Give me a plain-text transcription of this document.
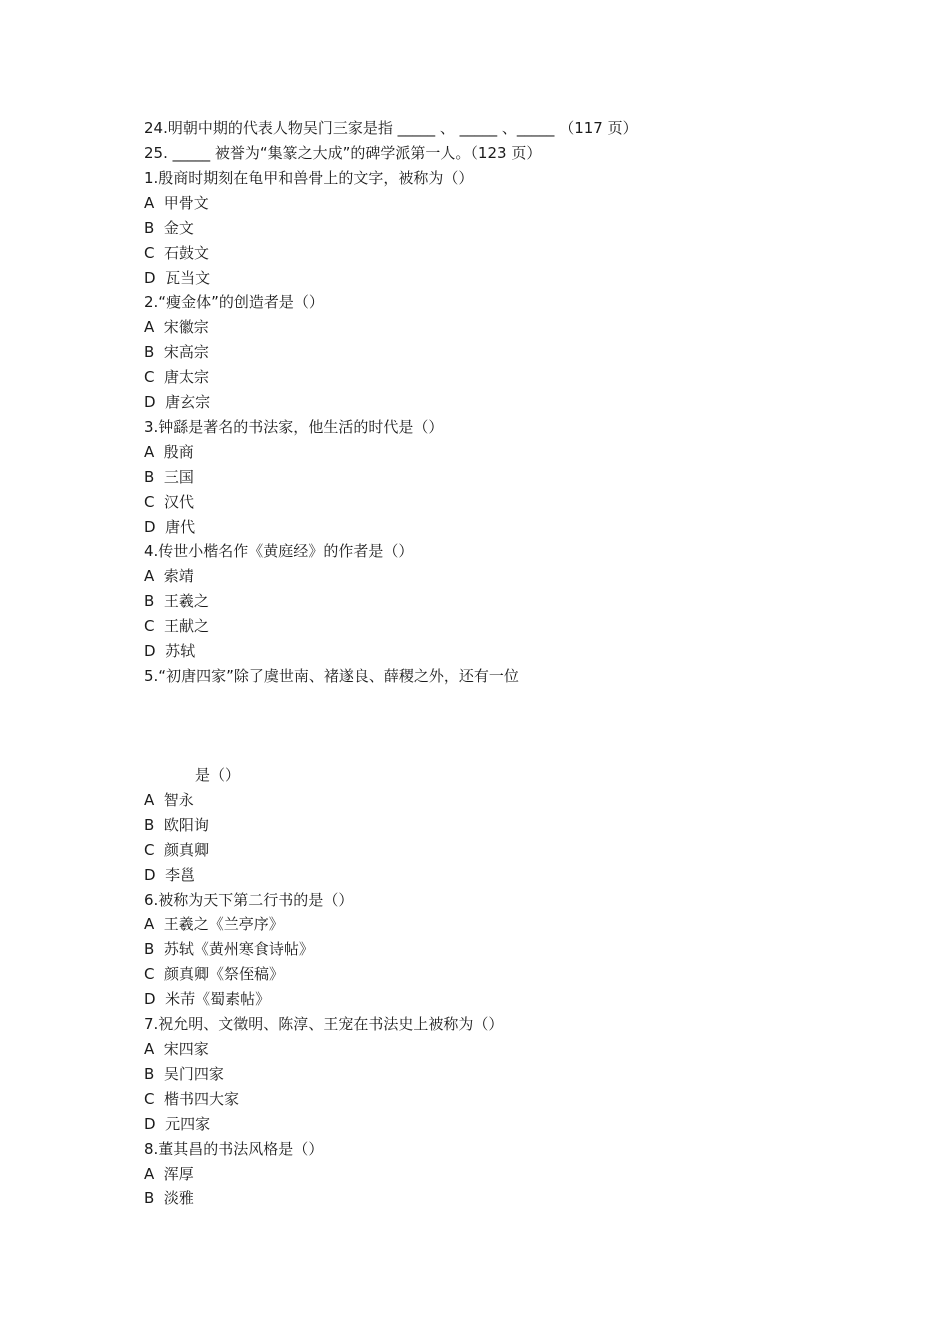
24.明朝中期的代表人物吴门三家是指 _____ 、 _____ 、_____ （117 页）
25. _____ 被誉为“集篆之大成”的碑学派第一人。（123 页）
1.殷商时期刻在龟甲和兽骨上的文字，被称为（）
A  甲骨文
B  金文
C  石鼓文
D  瓦当文
2.“瘦金体”的创造者是（）
A  宋徽宗
B  宋高宗
C  唐太宗
D  唐玄宗
3.钟繇是著名的书法家，他生活的时代是（）
A  殷商
B  三国
C  汉代
D  唐代
4.传世小楷名作《黄庭经》的作者是（）
A  索靖
B  王羲之
C  王献之
D  苏轼
5.“初唐四家”除了虞世南、褚遂良、薛稷之外，还有一位
是（）
A  智永
B  欧阳询
C  颜真卿
D  李邕
6.被称为天下第二行书的是（）
A  王羲之《兰亭序》
B  苏轼《黄州寒食诗帖》
C  颜真卿《祭侄稿》
D  米芾《蜀素帖》
7.祝允明、文徵明、陈淳、王宠在书法史上被称为（）
A  宋四家
B  吴门四家
C  楷书四大家
D  元四家
8.董其昌的书法风格是（）
A  浑厚
B  淡雅
